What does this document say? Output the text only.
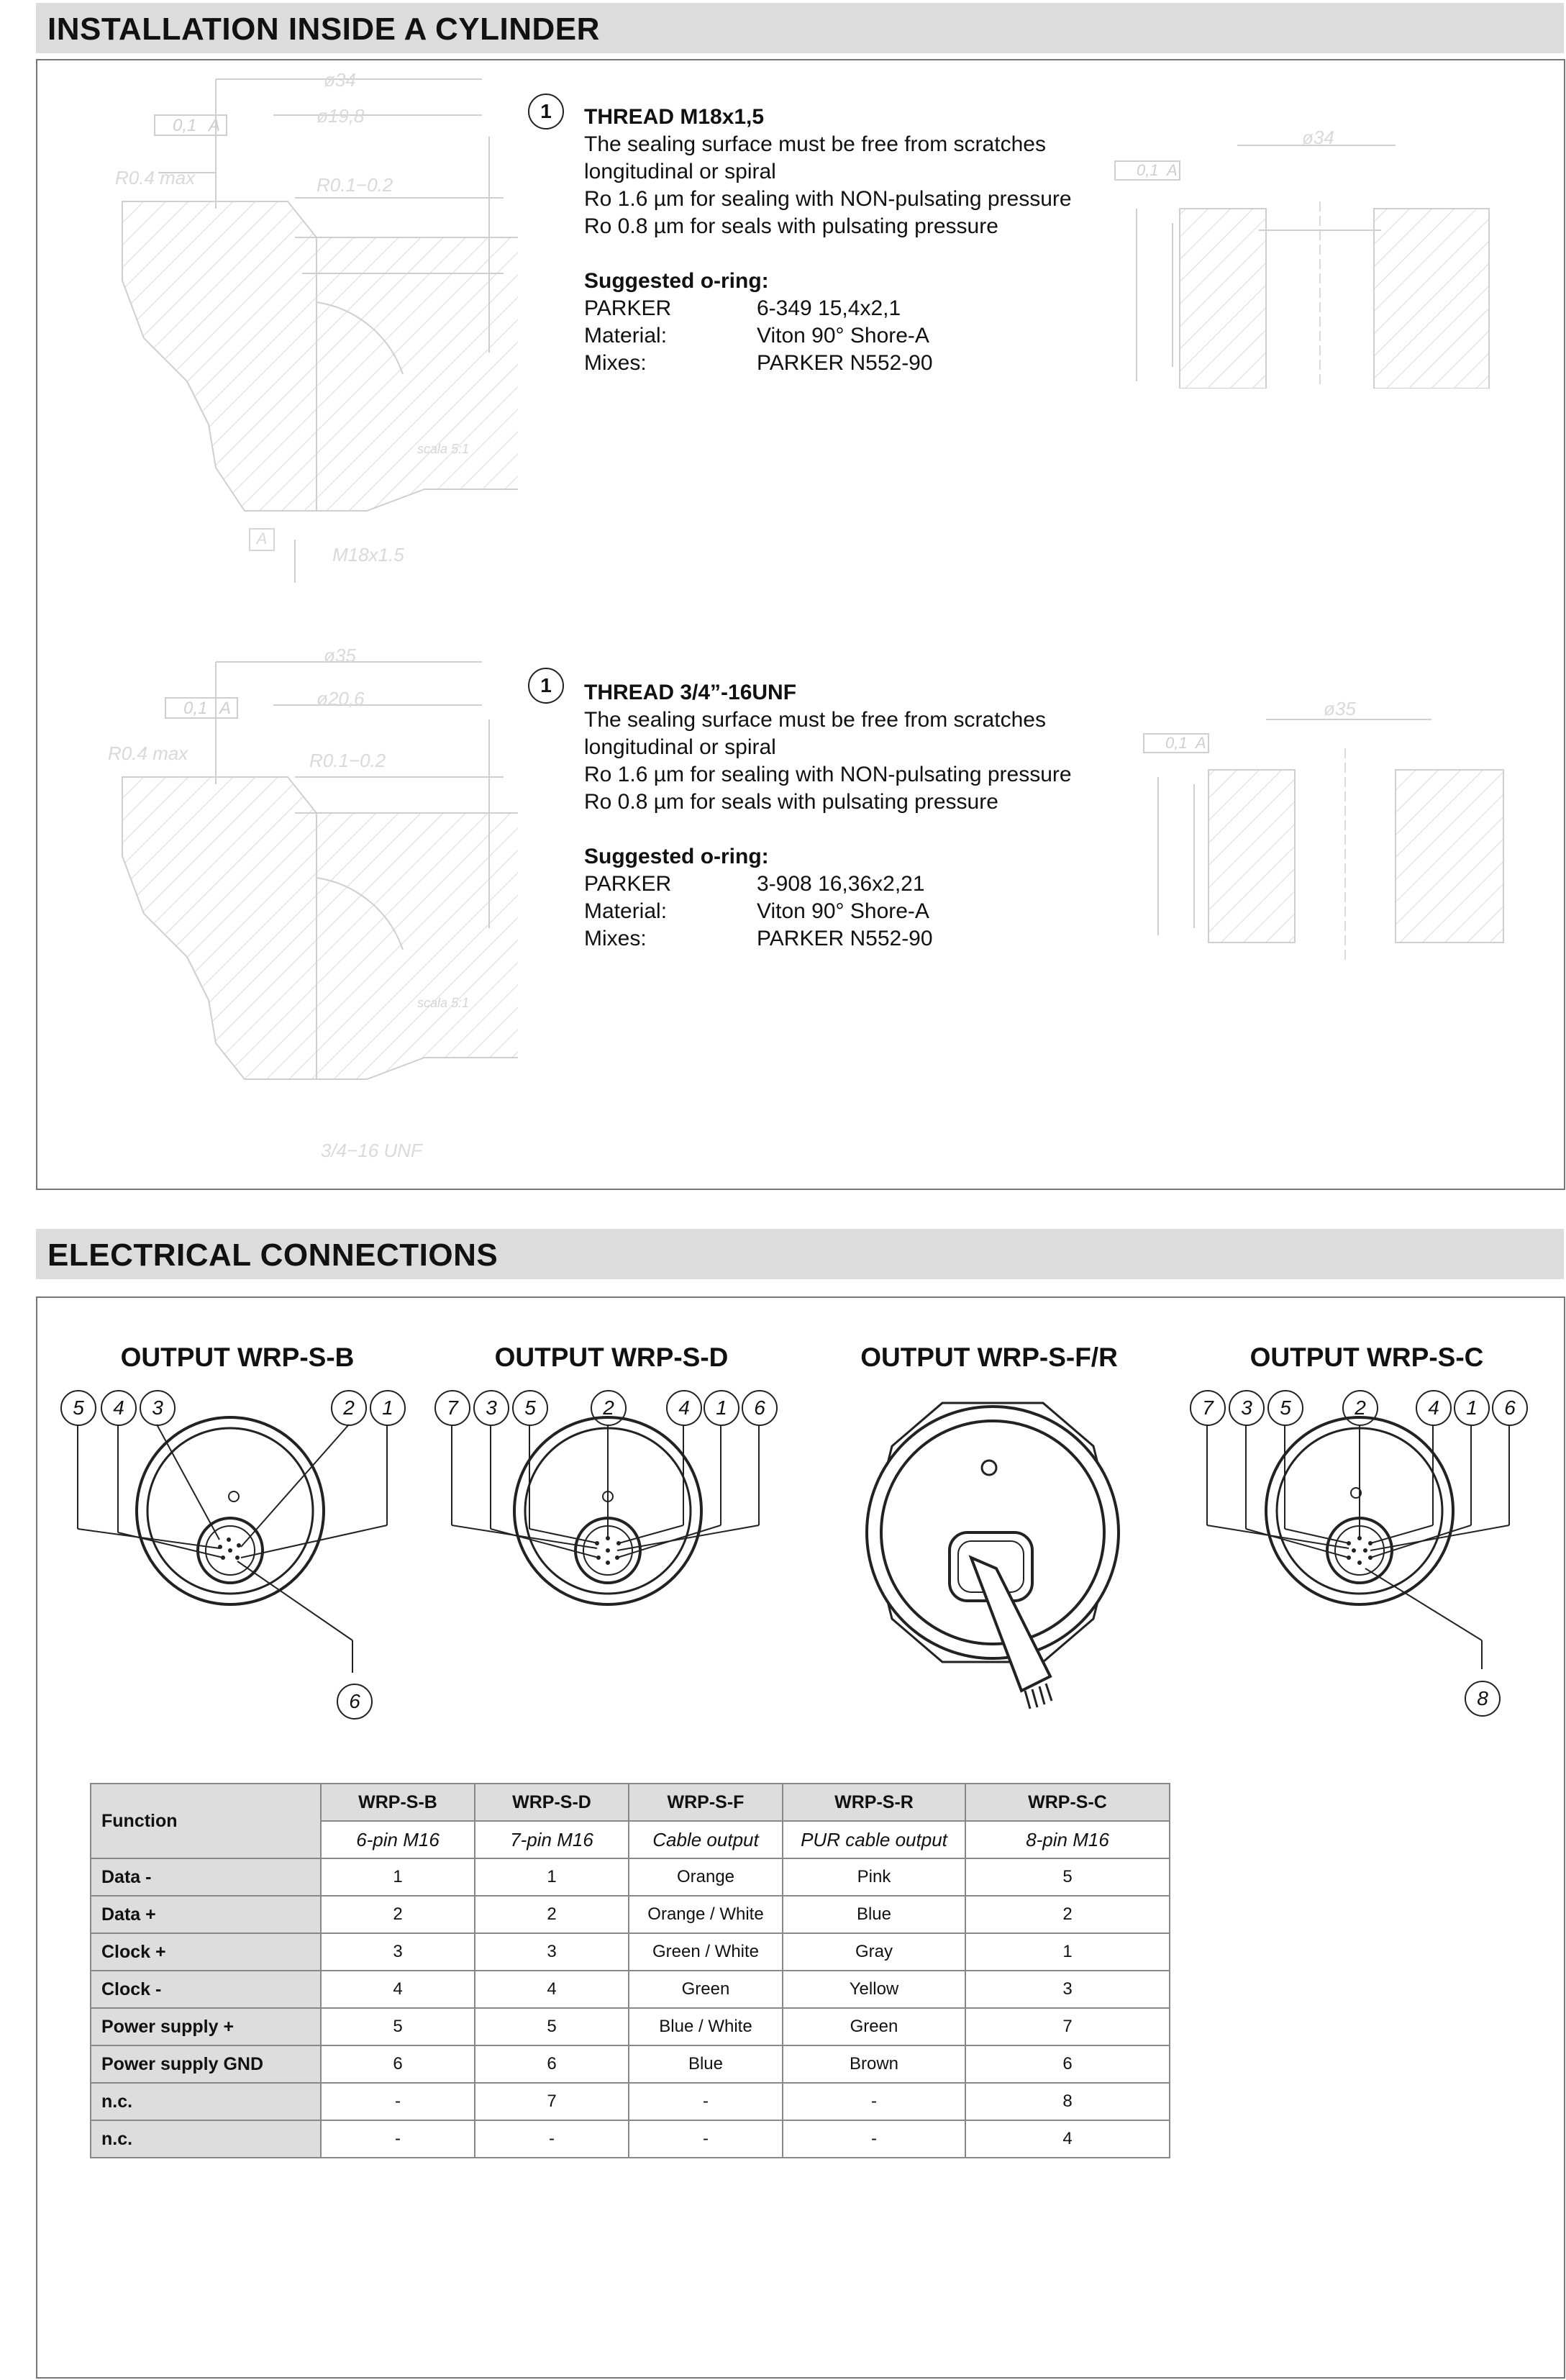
INSTALLATION INSIDE A CYLINDER
0,1 A
scala 5:1
ø34
ø19,8
R0.4 max	R0.1−0.2
M18x1.5
A
1	THREAD M18x1,5
The sealing surface must be free from scratches
longitudinal or spiral
Ro 1.6 µm for sealing with NON-pulsating pressure
Ro 0.8 µm for seals with pulsating pressure
Suggested o-ring:
PARKER	6-349 15,4x2,1
Material:	Viton 90° Shore-A
Mixes:	PARKER N552-90
0,1 A
ø34
0,1 A
scala 5:1
ø35
ø20,6
R0.4 max	R0.1−0.2
3/4−16 UNF
1	THREAD 3/4”-16UNF
The sealing surface must be free from scratches
longitudinal or spiral
Ro 1.6 µm for sealing with NON-pulsating pressure
Ro 0.8 µm for seals with pulsating pressure
Suggested o-ring:
PARKER	3-908 16,36x2,21
Material:	Viton 90° Shore-A
Mixes:	PARKER N552-90
0,1 A
ø35
ELECTRICAL CONNECTIONS
OUTPUT WRP-S-B	OUTPUT WRP-S-D	OUTPUT WRP-S-F/R	OUTPUT WRP-S-C
5	4	3	2	1
6
7	3	5	2	4	1	6	7	3	5	2	4	1	6
8
Function	WRP-S-B	WRP-S-D	WRP-S-F	WRP-S-R	WRP-S-C
	6-pin M16	7-pin M16	Cable output	PUR cable output	8-pin M16
Data -	1	1	Orange	Pink	5
Data +	2	2	Orange / White	Blue	2
Clock +	3	3	Green / White	Gray	1
Clock -	4	4	Green	Yellow	3
Power supply +	5	5	Blue / White	Green	7
Power supply GND	6	6	Blue	Brown	6
n.c.	-	7	-	-	8
n.c.	-	-	-	-	4
